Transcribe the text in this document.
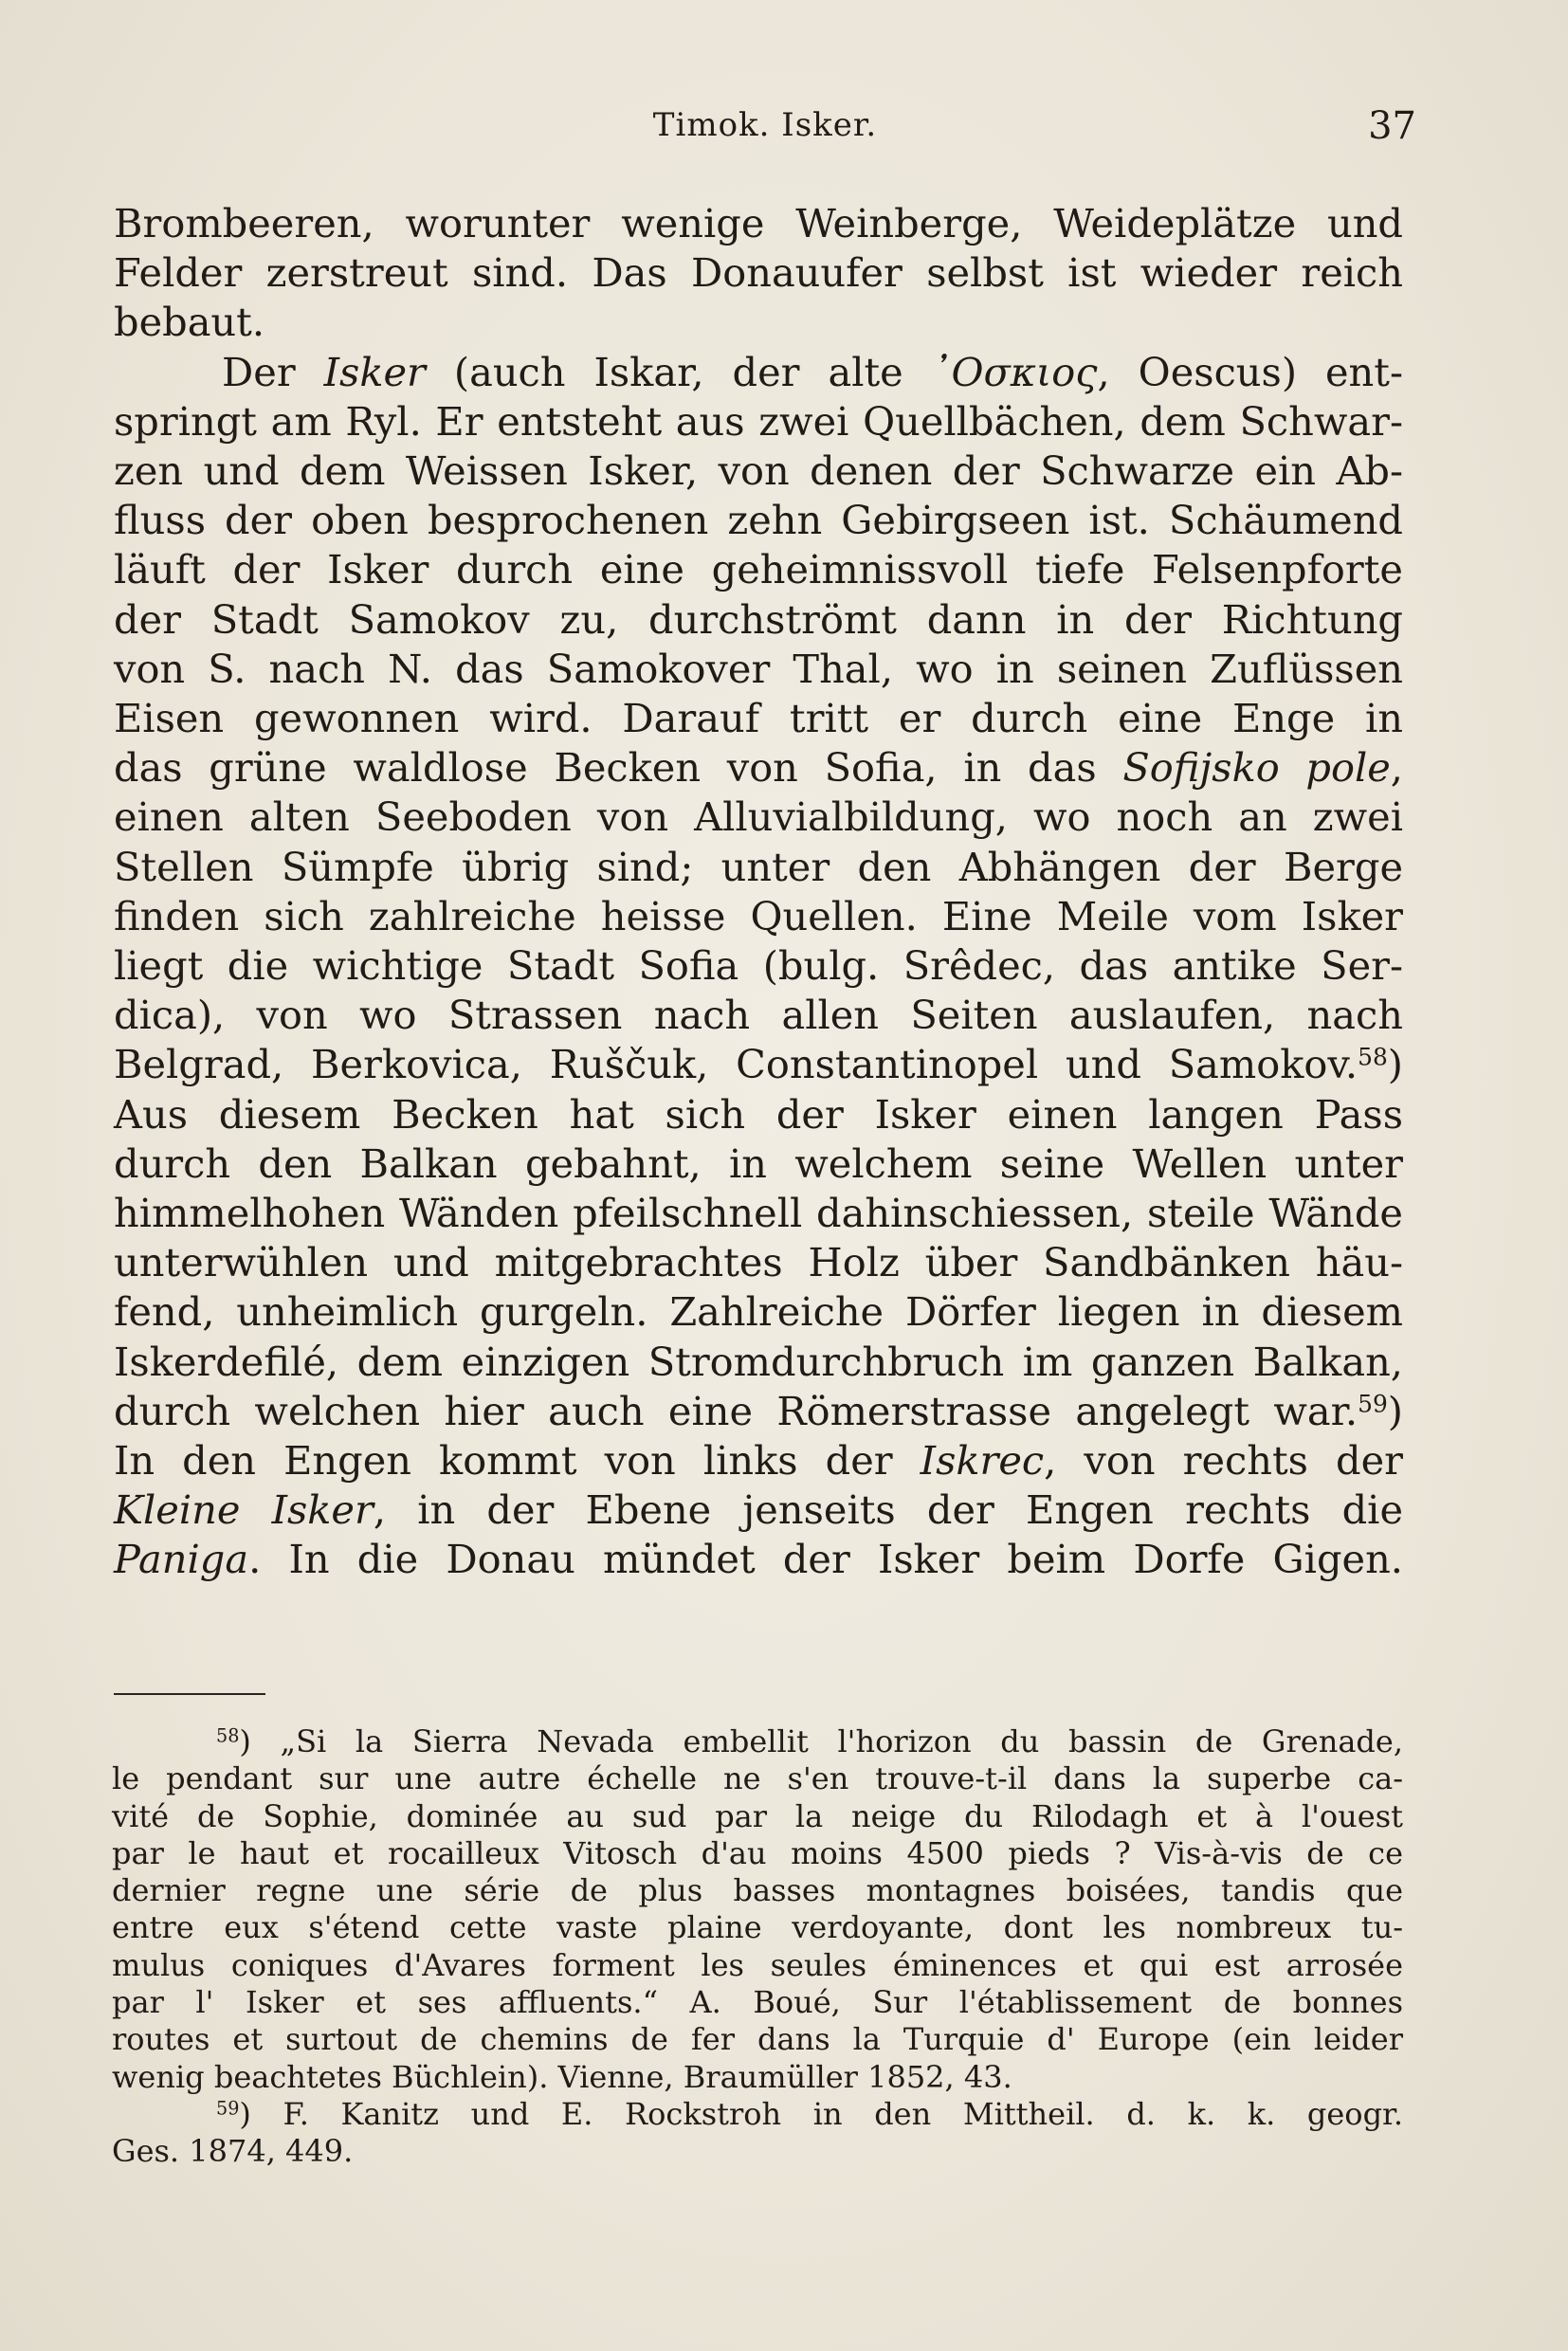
Timok. Isker.	37
Brombeeren, worunter wenige Weinberge, Weideplätze und
Felder zerstreut sind. Das Donauufer selbst ist wieder reich
bebaut.
Der Isker (auch Iskar, der alte ᾿Οσκιος, Oescus) ent-
springt am Ryl. Er entsteht aus zwei Quellbächen, dem Schwar-
zen und dem Weissen Isker, von denen der Schwarze ein Ab-
fluss der oben besprochenen zehn Gebirgseen ist. Schäumend
läuft der Isker durch eine geheimnissvoll tiefe Felsenpforte
der Stadt Samokov zu, durchströmt dann in der Richtung
von S. nach N. das Samokover Thal, wo in seinen Zuflüssen
Eisen gewonnen wird. Darauf tritt er durch eine Enge in
das grüne waldlose Becken von Sofia, in das Sofijsko pole,
einen alten Seeboden von Alluvialbildung, wo noch an zwei
Stellen Sümpfe übrig sind; unter den Abhängen der Berge
finden sich zahlreiche heisse Quellen. Eine Meile vom Isker
liegt die wichtige Stadt Sofia (bulg. Srêdec, das antike Ser-
dica), von wo Strassen nach allen Seiten auslaufen, nach
Belgrad, Berkovica, Ruščuk, Constantinopel und Samokov.$^{58}$)
Aus diesem Becken hat sich der Isker einen langen Pass
durch den Balkan gebahnt, in welchem seine Wellen unter
himmelhohen Wänden pfeilschnell dahinschiessen, steile Wände
unterwühlen und mitgebrachtes Holz über Sandbänken häu-
fend, unheimlich gurgeln. Zahlreiche Dörfer liegen in diesem
Iskerdefilé, dem einzigen Stromdurchbruch im ganzen Balkan,
durch welchen hier auch eine Römerstrasse angelegt war.$^{59}$)
In den Engen kommt von links der Iskrec, von rechts der
Kleine Isker, in der Ebene jenseits der Engen rechts die
Paniga. In die Donau mündet der Isker beim Dorfe Gigen.
$^{58}$) „Si la Sierra Nevada embellit l'horizon du bassin de Grenade,
le pendant sur une autre échelle ne s'en trouve-t-il dans la superbe ca-
vité de Sophie, dominée au sud par la neige du Rilodagh et à l'ouest
par le haut et rocailleux Vitosch d'au moins 4500 pieds ? Vis-à-vis de ce
dernier regne une série de plus basses montagnes boisées, tandis que
entre eux s'étend cette vaste plaine verdoyante, dont les nombreux tu-
mulus coniques d'Avares forment les seules éminences et qui est arrosée
par l' Isker et ses affluents.“ A. Boué, Sur l'établissement de bonnes
routes et surtout de chemins de fer dans la Turquie d' Europe (ein leider
wenig beachtetes Büchlein). Vienne, Braumüller 1852, 43.
$^{59}$) F. Kanitz und E. Rockstroh in den Mittheil. d. k. k. geogr.
Ges. 1874, 449.
